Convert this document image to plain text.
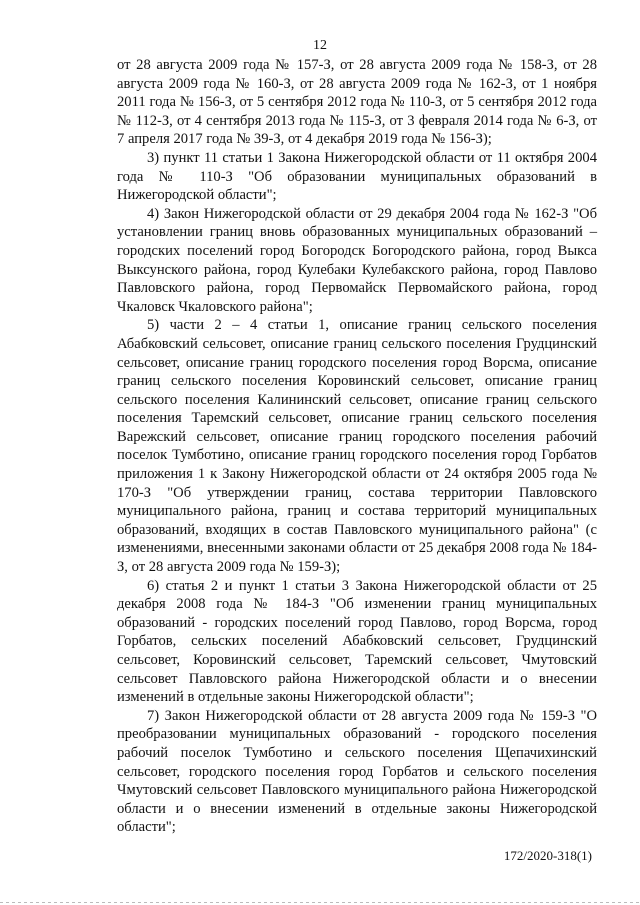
12

от 28 августа 2009 года № 157-З, от 28 августа 2009 года № 158-З, от 28 августа 2009 года № 160-З, от 28 августа 2009 года № 162-З, от 1 ноября 2011 года № 156-З, от 5 сентября 2012 года № 110-З, от 5 сентября 2012 года № 112-З, от 4 сентября 2013 года № 115-З, от 3 февраля 2014 года № 6-З, от 7 апреля 2017 года № 39-З, от 4 декабря 2019 года № 156-З);

3) пункт 11 статьи 1 Закона Нижегородской области от 11 октября 2004 года № 110-З "Об образовании муниципальных образований в Нижегородской области";

4) Закон Нижегородской области от 29 декабря 2004 года № 162-З "Об установлении границ вновь образованных муниципальных образований – городских поселений город Богородск Богородского района, город Выкса Выксунского района, город Кулебаки Кулебакского района, город Павлово Павловского района, город Первомайск Первомайского района, город Чкаловск Чкаловского района";

5) части 2 – 4 статьи 1, описание границ сельского поселения Абабковский сельсовет, описание границ сельского поселения Грудцинский сельсовет, описание границ городского поселения город Ворсма, описание границ сельского поселения Коровинский сельсовет, описание границ сельского поселения Калининский сельсовет, описание границ сельского поселения Таремский сельсовет, описание границ сельского поселения Варежский сельсовет, описание границ городского поселения рабочий поселок Тумботино, описание границ городского поселения город Горбатов приложения 1 к Закону Нижегородской области от 24 октября 2005 года № 170-З "Об утверждении границ, состава территории Павловского муниципального района, границ и состава территорий муниципальных образований, входящих в состав Павловского муниципального района" (с изменениями, внесенными законами области от 25 декабря 2008 года № 184-З, от 28 августа 2009 года № 159-З);

6) статья 2 и пункт 1 статьи 3 Закона Нижегородской области от 25 декабря 2008 года № 184-З "Об изменении границ муниципальных образований - городских поселений город Павлово, город Ворсма, город Горбатов, сельских поселений Абабковский сельсовет, Грудцинский сельсовет, Коровинский сельсовет, Таремский сельсовет, Чмутовский сельсовет Павловского района Нижегородской области и о внесении изменений в отдельные законы Нижегородской области";

7) Закон Нижегородской области от 28 августа 2009 года № 159-З "О преобразовании муниципальных образований - городского поселения рабочий поселок Тумботино и сельского поселения Щепачихинский сельсовет, городского поселения город Горбатов и сельского поселения Чмутовский сельсовет Павловского муниципального района Нижегородской области и о внесении изменений в отдельные законы Нижегородской области";

172/2020-318(1)
